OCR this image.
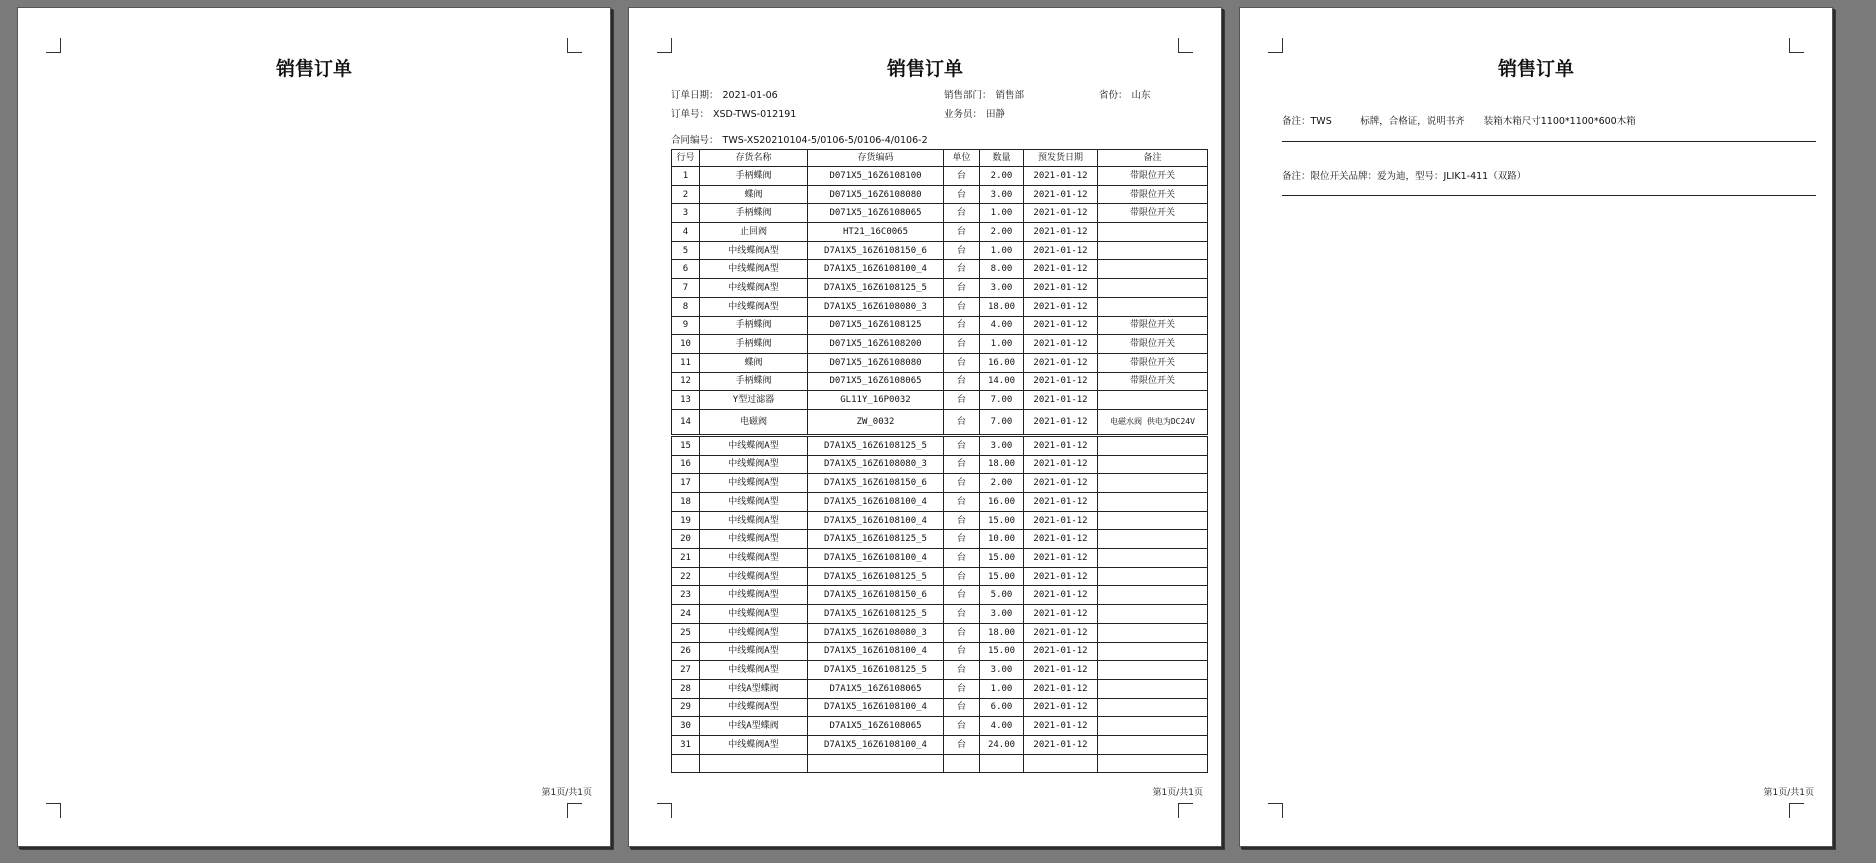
销售订单
第1页/共1页
销售订单
订单日期： 2021-01-06	销售部门： 销售部	省份： 山东
订单号： XSD-TWS-012191	业务员： 田静
合同编号： TWS-XS20210104-5/0106-5/0106-4/0106-2
行号	存货名称	存货编码	单位	数量	预发货日期	备注
1	手柄蝶阀	D071X5_16Z6108100	台	2.00	2021-01-12	带限位开关
2	蝶阀	D071X5_16Z6108080	台	3.00	2021-01-12	带限位开关
3	手柄蝶阀	D071X5_16Z6108065	台	1.00	2021-01-12	带限位开关
4	止回阀	HT21_16C0065	台	2.00	2021-01-12	
5	中线蝶阀A型	D7A1X5_16Z6108150_6	台	1.00	2021-01-12	
6	中线蝶阀A型	D7A1X5_16Z6108100_4	台	8.00	2021-01-12	
7	中线蝶阀A型	D7A1X5_16Z6108125_5	台	3.00	2021-01-12	
8	中线蝶阀A型	D7A1X5_16Z6108080_3	台	18.00	2021-01-12	
9	手柄蝶阀	D071X5_16Z6108125	台	4.00	2021-01-12	带限位开关
10	手柄蝶阀	D071X5_16Z6108200	台	1.00	2021-01-12	带限位开关
11	蝶阀	D071X5_16Z6108080	台	16.00	2021-01-12	带限位开关
12	手柄蝶阀	D071X5_16Z6108065	台	14.00	2021-01-12	带限位开关
13	Y型过滤器	GL11Y_16P0032	台	7.00	2021-01-12	
14	电磁阀	ZW_0032	台	7.00	2021-01-12	电磁水阀 供电为DC24V
15	中线蝶阀A型	D7A1X5_16Z6108125_5	台	3.00	2021-01-12	
16	中线蝶阀A型	D7A1X5_16Z6108080_3	台	18.00	2021-01-12	
17	中线蝶阀A型	D7A1X5_16Z6108150_6	台	2.00	2021-01-12	
18	中线蝶阀A型	D7A1X5_16Z6108100_4	台	16.00	2021-01-12	
19	中线蝶阀A型	D7A1X5_16Z6108100_4	台	15.00	2021-01-12	
20	中线蝶阀A型	D7A1X5_16Z6108125_5	台	10.00	2021-01-12	
21	中线蝶阀A型	D7A1X5_16Z6108100_4	台	15.00	2021-01-12	
22	中线蝶阀A型	D7A1X5_16Z6108125_5	台	15.00	2021-01-12	
23	中线蝶阀A型	D7A1X5_16Z6108150_6	台	5.00	2021-01-12	
24	中线蝶阀A型	D7A1X5_16Z6108125_5	台	3.00	2021-01-12	
25	中线蝶阀A型	D7A1X5_16Z6108080_3	台	18.00	2021-01-12	
26	中线蝶阀A型	D7A1X5_16Z6108100_4	台	15.00	2021-01-12	
27	中线蝶阀A型	D7A1X5_16Z6108125_5	台	3.00	2021-01-12	
28	中线A型蝶阀	D7A1X5_16Z6108065	台	1.00	2021-01-12	
29	中线蝶阀A型	D7A1X5_16Z6108100_4	台	6.00	2021-01-12	
30	中线A型蝶阀	D7A1X5_16Z6108065	台	4.00	2021-01-12	
31	中线蝶阀A型	D7A1X5_16Z6108100_4	台	24.00	2021-01-12	

第1页/共1页
销售订单
备注：TWS　　　标牌，合格证，说明书齐　　装箱木箱尺寸1100*1100*600木箱
备注：限位开关品牌：爱为迪，型号：JLIK1-411（双路）
第1页/共1页
